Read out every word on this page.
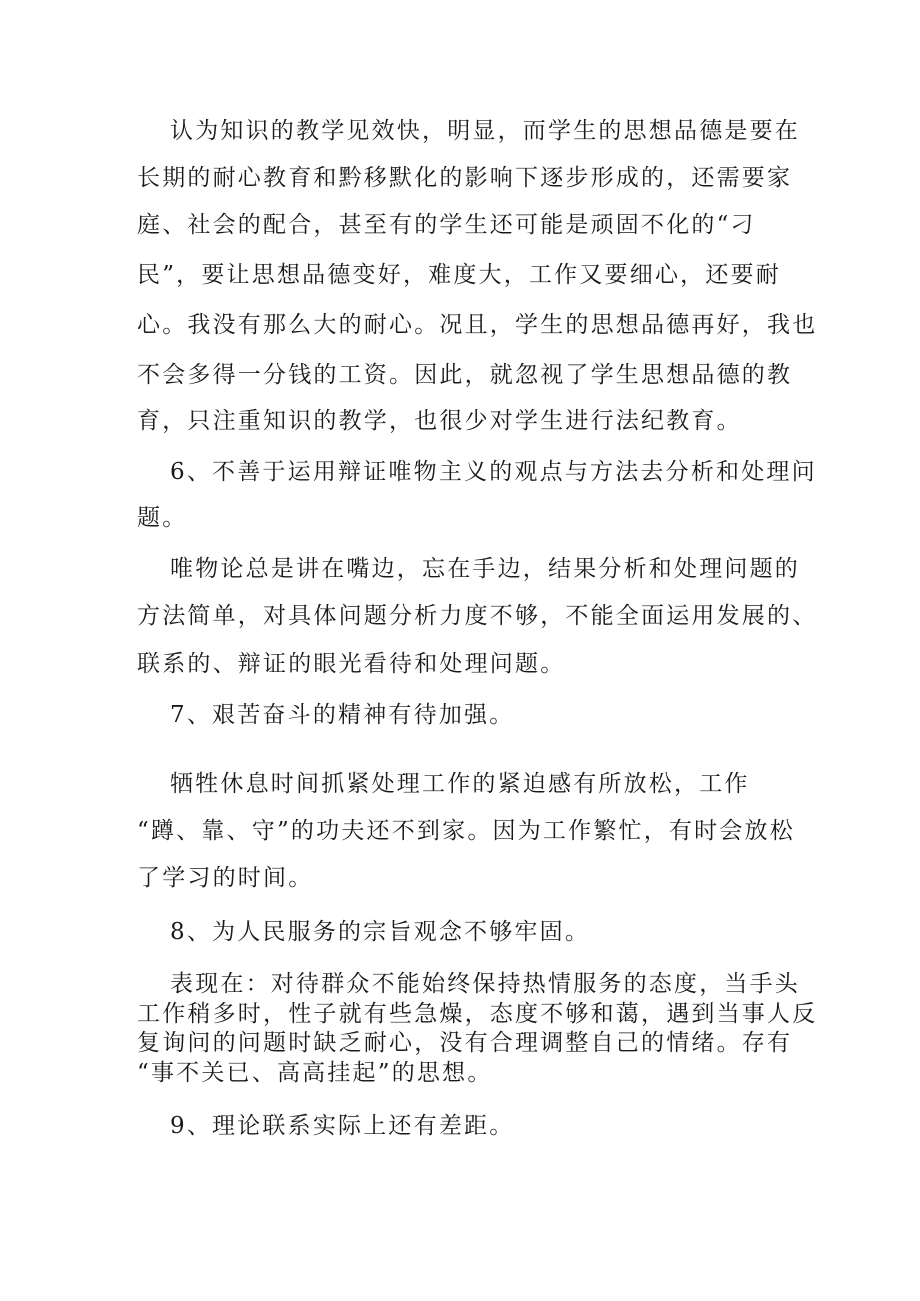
认为知识的教学见效快，明显，而学生的思想品德是要在
长期的耐心教育和黔移默化的影响下逐步形成的，还需要家
庭、社会的配合，甚至有的学生还可能是顽固不化的“刁
民”，要让思想品德变好，难度大，工作又要细心，还要耐
心。我没有那么大的耐心。况且，学生的思想品德再好，我也
不会多得一分钱的工资。因此，就忽视了学生思想品德的教
育，只注重知识的教学，也很少对学生进行法纪教育。
6、不善于运用辩证唯物主义的观点与方法去分析和处理问
题。
唯物论总是讲在嘴边，忘在手边，结果分析和处理问题的
方法简单，对具体问题分析力度不够，不能全面运用发展的、
联系的、辩证的眼光看待和处理问题。
7、艰苦奋斗的精神有待加强。
牺牲休息时间抓紧处理工作的紧迫感有所放松，工作
“蹲、靠、守”的功夫还不到家。因为工作繁忙，有时会放松
了学习的时间。
8、为人民服务的宗旨观念不够牢固。
表现在：对待群众不能始终保持热情服务的态度，当手头
工作稍多时，性子就有些急燥，态度不够和蔼，遇到当事人反
复询问的问题时缺乏耐心，没有合理调整自己的情绪。存有
“事不关已、高高挂起”的思想。
9、理论联系实际上还有差距。
